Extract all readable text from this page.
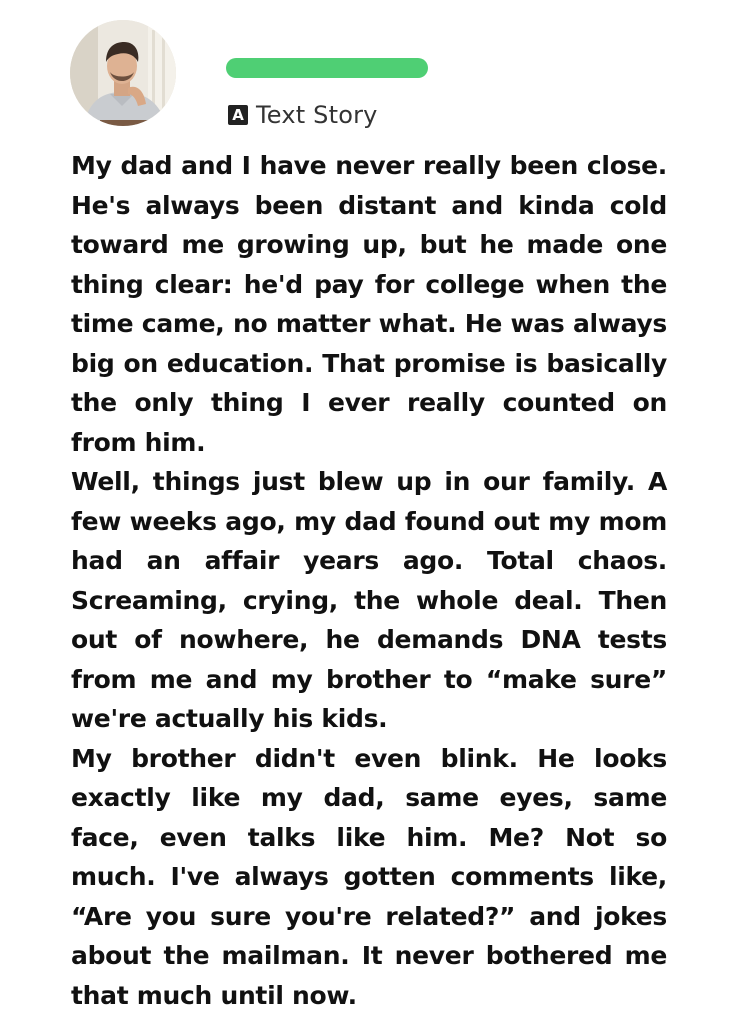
A Text Story

My dad and I have never really been close. He's always been distant and kinda cold toward me growing up, but he made one thing clear: he'd pay for college when the time came, no matter what. He was always big on education. That promise is basically the only thing I ever really counted on from him.

Well, things just blew up in our family. A few weeks ago, my dad found out my mom had an affair years ago. Total chaos. Screaming, crying, the whole deal. Then out of nowhere, he demands DNA tests from me and my brother to “make sure” we're actually his kids.

My brother didn't even blink. He looks exactly like my dad, same eyes, same face, even talks like him. Me? Not so much. I've always gotten comments like, “Are you sure you're related?” and jokes about the mailman. It never bothered me that much until now.
